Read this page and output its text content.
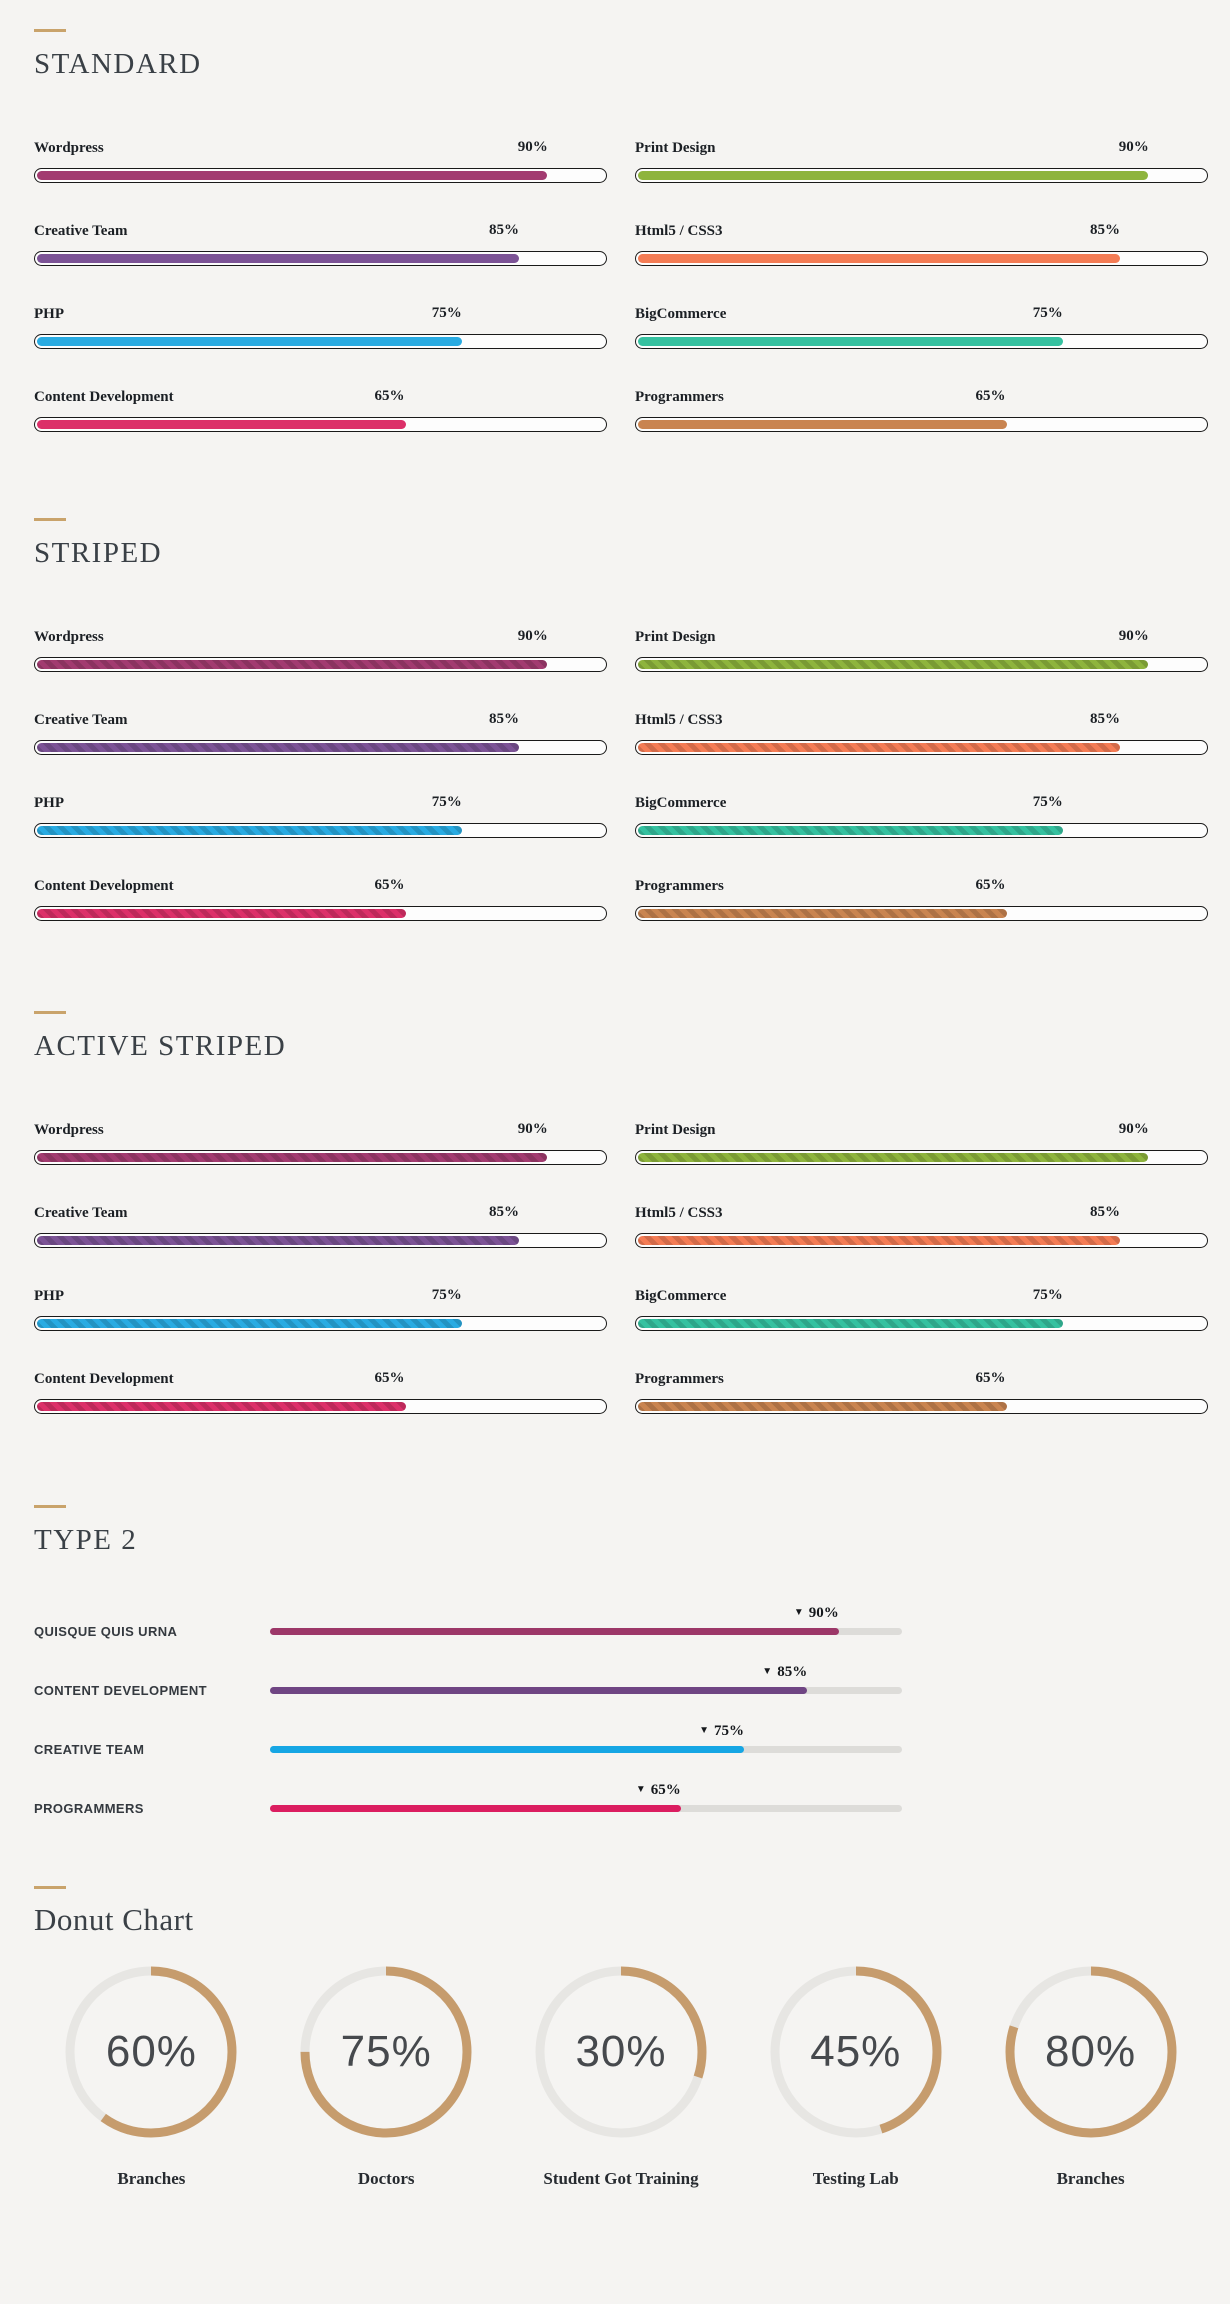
STANDARD
Wordpress	90%
Creative Team	85%
PHP	75%
Content Development	65%
Print Design	90%
Html5 / CSS3	85%
BigCommerce	75%
Programmers	65%
STRIPED
Wordpress	90%
Creative Team	85%
PHP	75%
Content Development	65%
Print Design	90%
Html5 / CSS3	85%
BigCommerce	75%
Programmers	65%
ACTIVE STRIPED
Wordpress	90%
Creative Team	85%
PHP	75%
Content Development	65%
Print Design	90%
Html5 / CSS3	85%
BigCommerce	75%
Programmers	65%
TYPE 2
QUISQUE QUIS URNA
▼ 90%
CONTENT DEVELOPMENT
▼ 85%
CREATIVE TEAM
▼ 75%
PROGRAMMERS
▼ 65%
Donut Chart
60%
Branches
75%
Doctors
30%
Student Got Training
45%
Testing Lab
80%
Branches
